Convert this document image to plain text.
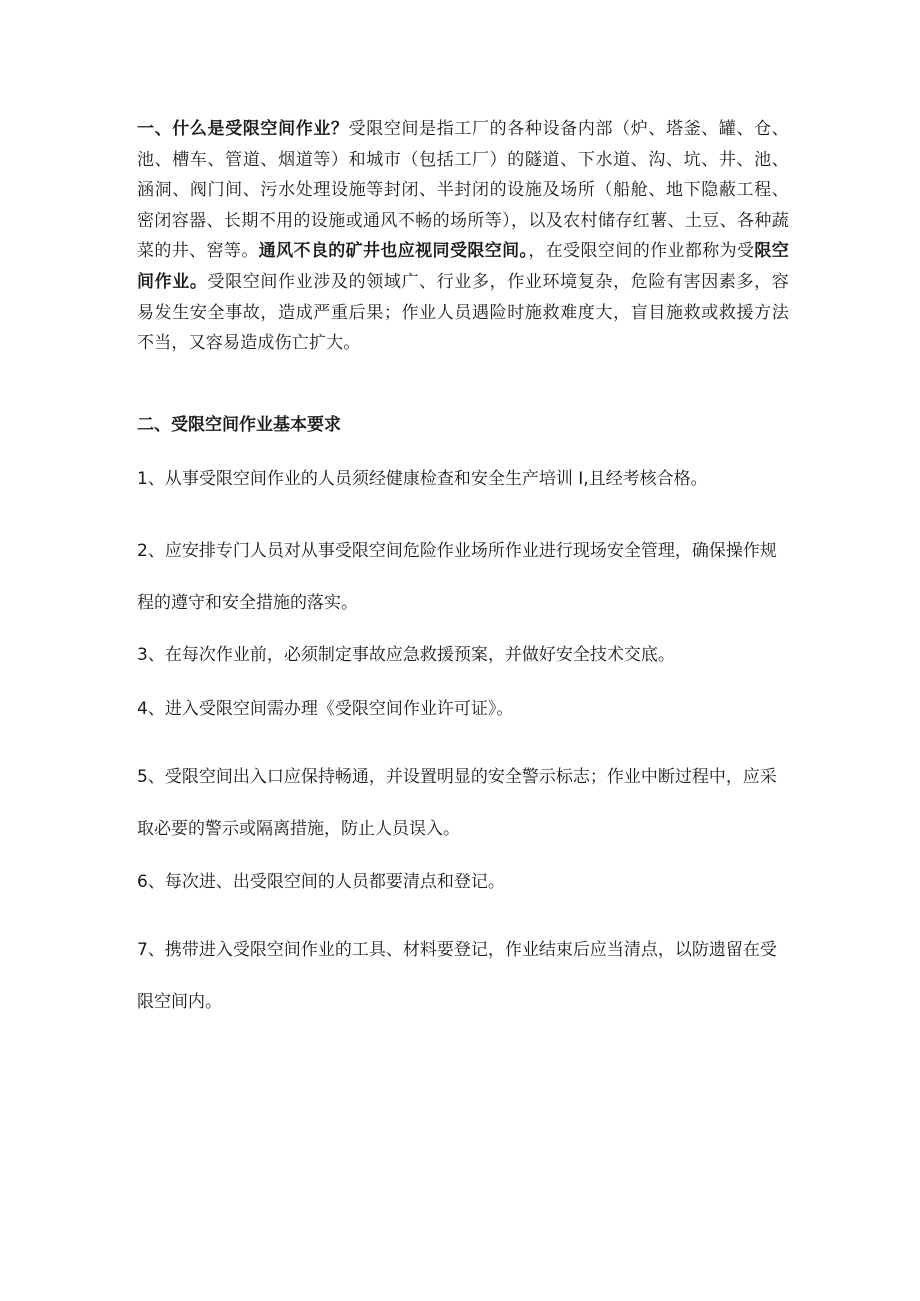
一、什么是受限空间作业？受限空间是指工厂的各种设备内部（炉、塔釜、罐、仓、池、槽车、管道、烟道等）和城市（包括工厂）的隧道、下水道、沟、坑、井、池、涵洞、阀门间、污水处理设施等封闭、半封闭的设施及场所（船舱、地下隐蔽工程、密闭容器、长期不用的设施或通风不畅的场所等），以及农村储存红薯、土豆、各种蔬菜的井、窖等。通风不良的矿井也应视同受限空间。，在受限空间的作业都称为受限空间作业。受限空间作业涉及的领域广、行业多，作业环境复杂，危险有害因素多，容易发生安全事故，造成严重后果；作业人员遇险时施救难度大，盲目施救或救援方法不当，又容易造成伤亡扩大。

二、受限空间作业基本要求

1、从事受限空间作业的人员须经健康检查和安全生产培训 I,且经考核合格。

2、应安排专门人员对从事受限空间危险作业场所作业进行现场安全管理，确保操作规程的遵守和安全措施的落实。

3、在每次作业前，必须制定事故应急救援预案，并做好安全技术交底。

4、进入受限空间需办理《受限空间作业许可证》。

5、受限空间出入口应保持畅通，并设置明显的安全警示标志；作业中断过程中，应采取必要的警示或隔离措施，防止人员误入。

6、每次进、出受限空间的人员都要清点和登记。

7、携带进入受限空间作业的工具、材料要登记，作业结束后应当清点，以防遗留在受限空间内。
